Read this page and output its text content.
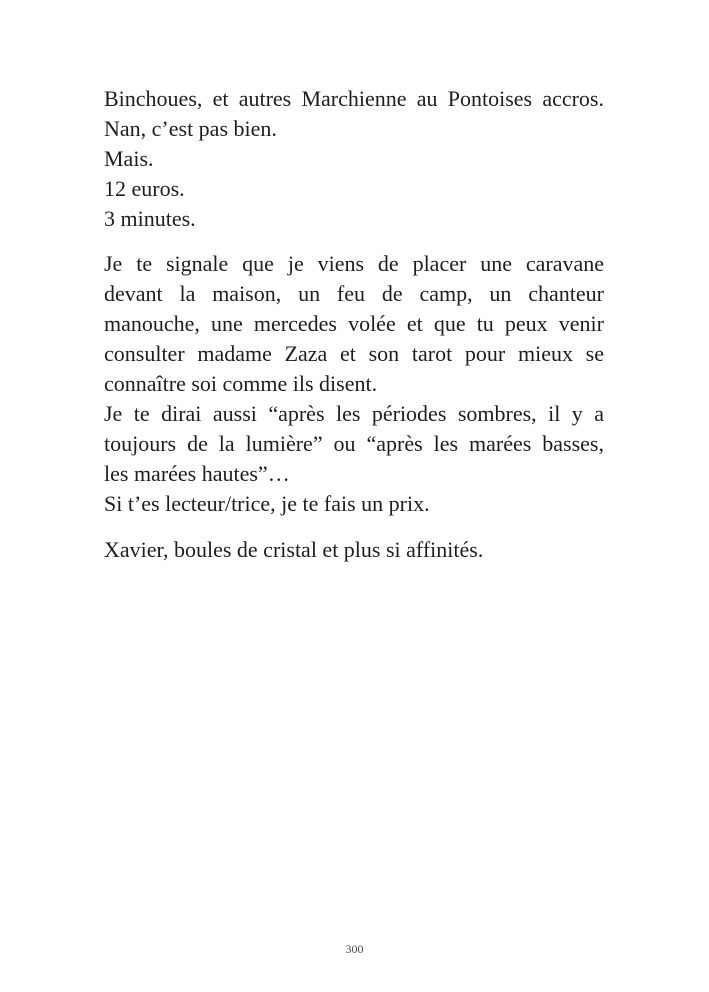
Binchoues, et autres Marchienne au Pontoises accros.
Nan, c’est pas bien.
Mais.
12 euros.
3 minutes.

Je te signale que je viens de placer une caravane
devant la maison, un feu de camp, un chanteur
manouche, une mercedes volée et que tu peux venir
consulter madame Zaza et son tarot pour mieux se
connaître soi comme ils disent.

Je te dirai aussi “après les périodes sombres, il y a
toujours de la lumière” ou “après les marées basses,
les marées hautes”…

Si t’es lecteur/trice, je te fais un prix.

Xavier, boules de cristal et plus si affinités.

300
